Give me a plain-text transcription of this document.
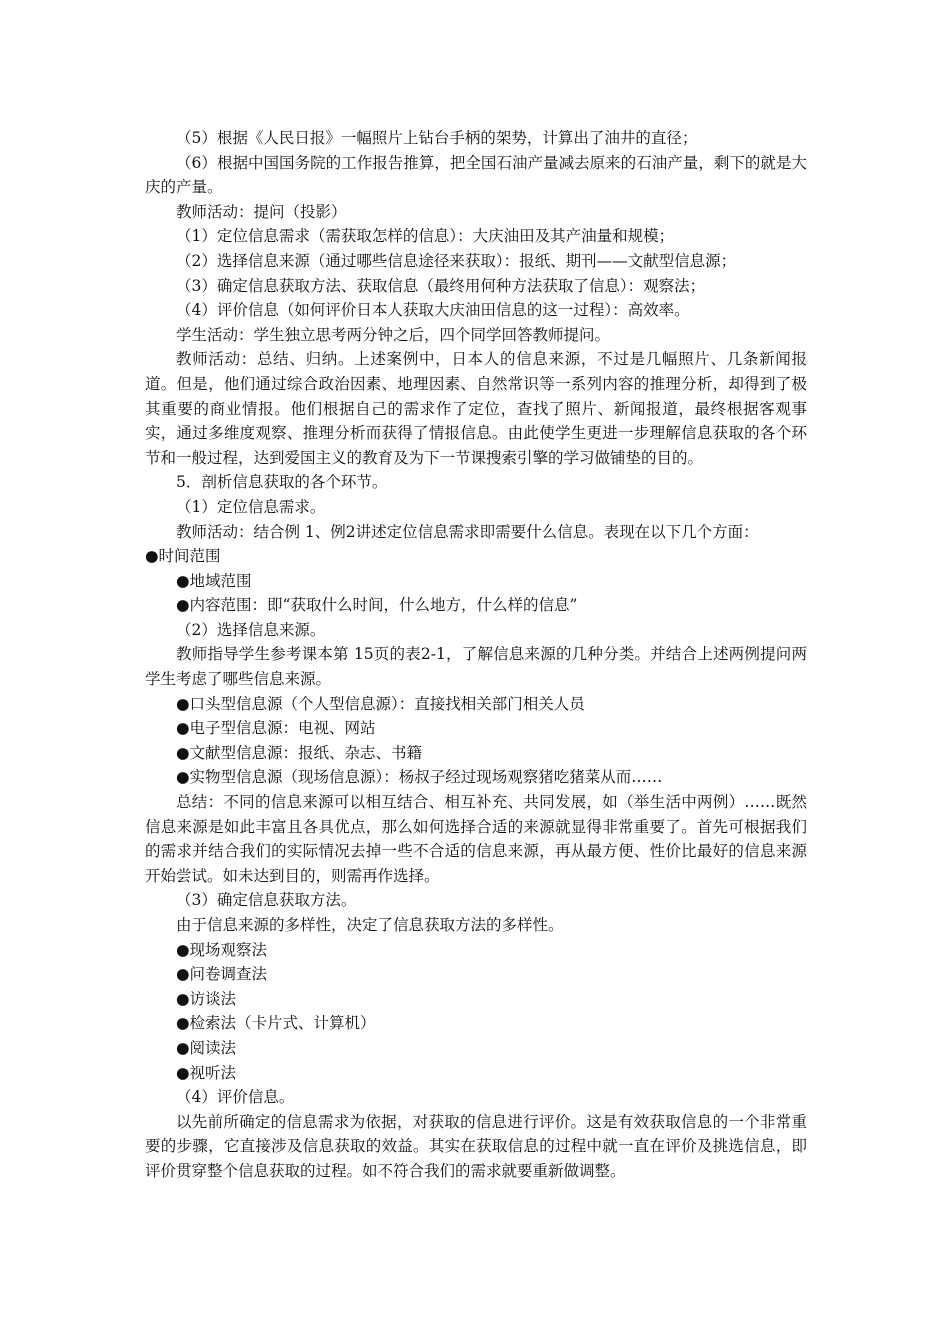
（5）根据《人民日报》一幅照片上钻台手柄的架势，计算出了油井的直径；

（6）根据中国国务院的工作报告推算，把全国石油产量减去原来的石油产量，剩下的就是大庆的产量。

教师活动：提问（投影）

（1）定位信息需求（需获取怎样的信息）：大庆油田及其产油量和规模；

（2）选择信息来源（通过哪些信息途径来获取）：报纸、期刊——文献型信息源；

（3）确定信息获取方法、获取信息（最终用何种方法获取了信息）：观察法；

（4）评价信息（如何评价日本人获取大庆油田信息的这一过程）：高效率。

学生活动：学生独立思考两分钟之后，四个同学回答教师提问。

教师活动：总结、归纳。上述案例中，日本人的信息来源，不过是几幅照片、几条新闻报道。但是，他们通过综合政治因素、地理因素、自然常识等一系列内容的推理分析，却得到了极其重要的商业情报。他们根据自己的需求作了定位，查找了照片、新闻报道，最终根据客观事实，通过多维度观察、推理分析而获得了情报信息。由此使学生更进一步理解信息获取的各个环节和一般过程，达到爱国主义的教育及为下一节课搜索引擎的学习做铺垫的目的。

5．剖析信息获取的各个环节。

（1）定位信息需求。

教师活动：结合例 1、例2讲述定位信息需求即需要什么信息。表现在以下几个方面：

●时间范围

●地域范围

●内容范围：即“获取什么时间，什么地方，什么样的信息”

（2）选择信息来源。

教师指导学生参考课本第 15页的表2-1，了解信息来源的几种分类。并结合上述两例提问两学生考虑了哪些信息来源。

●口头型信息源（个人型信息源）：直接找相关部门相关人员

●电子型信息源：电视、网站

●文献型信息源：报纸、杂志、书籍

●实物型信息源（现场信息源）：杨叔子经过现场观察猪吃猪菜从而……

总结：不同的信息来源可以相互结合、相互补充、共同发展，如（举生活中两例）……既然信息来源是如此丰富且各具优点，那么如何选择合适的来源就显得非常重要了。首先可根据我们的需求并结合我们的实际情况去掉一些不合适的信息来源，再从最方便、性价比最好的信息来源开始尝试。如未达到目的，则需再作选择。

（3）确定信息获取方法。

由于信息来源的多样性，决定了信息获取方法的多样性。

●现场观察法

●问卷调查法

●访谈法

●检索法（卡片式、计算机）

●阅读法

●视听法

（4）评价信息。

以先前所确定的信息需求为依据，对获取的信息进行评价。这是有效获取信息的一个非常重要的步骤，它直接涉及信息获取的效益。其实在获取信息的过程中就一直在评价及挑选信息，即评价贯穿整个信息获取的过程。如不符合我们的需求就要重新做调整。
